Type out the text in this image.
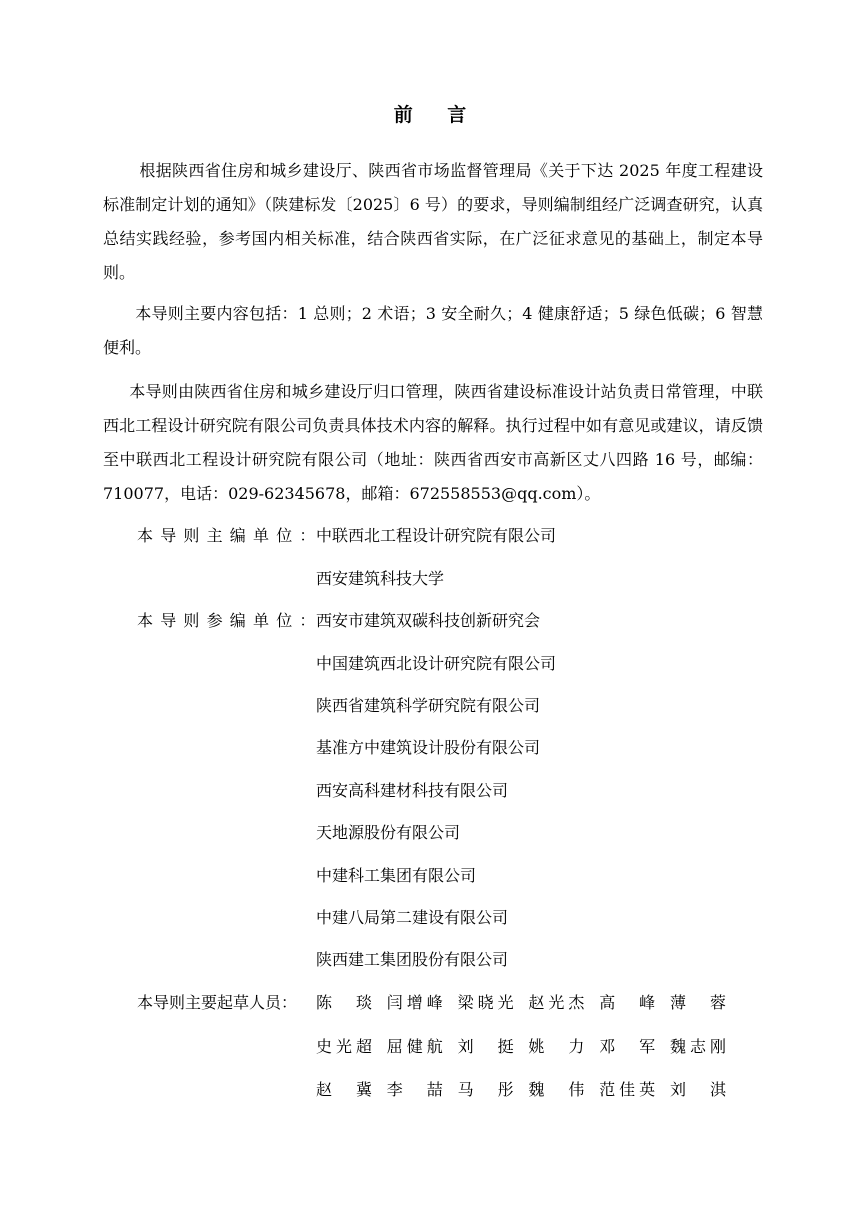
前 言

根据陕西省住房和城乡建设厅、陕西省市场监督管理局《关于下达 2025 年度工程建设标准制定计划的通知》（陕建标发〔2025〕6 号）的要求，导则编制组经广泛调查研究，认真总结实践经验，参考国内相关标准，结合陕西省实际，在广泛征求意见的基础上，制定本导则。

本导则主要内容包括：1 总则；2 术语；3 安全耐久；4 健康舒适；5 绿色低碳；6 智慧便利。

本导则由陕西省住房和城乡建设厅归口管理，陕西省建设标准设计站负责日常管理，中联西北工程设计研究院有限公司负责具体技术内容的解释。执行过程中如有意见或建议，请反馈至中联西北工程设计研究院有限公司（地址：陕西省西安市高新区丈八四路 16 号，邮编：710077，电话：029-62345678，邮箱：672558553@qq.com）。

本导则主编单位：
中联西北工程设计研究院有限公司
西安建筑科技大学
本导则参编单位：
西安市建筑双碳科技创新研究会
中国建筑西北设计研究院有限公司
陕西省建筑科学研究院有限公司
基准方中建筑设计股份有限公司
西安高科建材科技有限公司
天地源股份有限公司
中建科工集团有限公司
中建八局第二建设有限公司
陕西建工集团股份有限公司
本导则主要起草人员：	陈 琰 闫增峰 梁晓光 赵光杰 高 峰 薄 蓉
史光超 屈健航 刘 挺 姚 力 邓 军 魏志刚
赵 冀 李 喆 马 彤 魏 伟 范佳英 刘 淇
